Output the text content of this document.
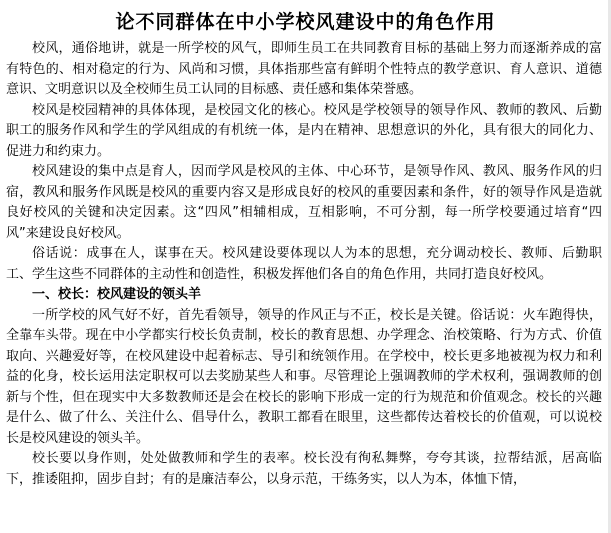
论不同群体在中小学校风建设中的角色作用

校风，通俗地讲，就是一所学校的风气，即师生员工在共同教育目标的基础上努力而逐渐养成的富有特色的、相对稳定的行为、风尚和习惯，具体指那些富有鲜明个性特点的教学意识、育人意识、道德意识、文明意识以及全校师生员工认同的目标感、责任感和集体荣誉感。

校风是校园精神的具体体现，是校园文化的核心。校风是学校领导的领导作风、教师的教风、后勤职工的服务作风和学生的学风组成的有机统一体，是内在精神、思想意识的外化，具有很大的同化力、促进力和约束力。

校风建设的集中点是育人，因而学风是校风的主体、中心环节，是领导作风、教风、服务作风的归宿，教风和服务作风既是校风的重要内容又是形成良好的校风的重要因素和条件，好的领导作风是造就良好校风的关键和决定因素。这“四风”相辅相成，互相影响，不可分割，每一所学校要通过培育“四风”来建设良好校风。

俗话说：成事在人，谋事在天。校风建设要体现以人为本的思想，充分调动校长、教师、后勤职工、学生这些不同群体的主动性和创造性，积极发挥他们各自的角色作用，共同打造良好校风。

一、校长：校风建设的领头羊

一所学校的风气好不好，首先看领导，领导的作风正与不正，校长是关键。俗话说：火车跑得快，全靠车头带。现在中小学都实行校长负责制，校长的教育思想、办学理念、治校策略、行为方式、价值取向、兴趣爱好等，在校风建设中起着标志、导引和统领作用。在学校中，校长更多地被视为权力和利益的化身，校长运用法定职权可以去奖励某些人和事。尽管理论上强调教师的学术权利，强调教师的创新与个性，但在现实中大多数教师还是会在校长的影响下形成一定的行为规范和价值观念。校长的兴趣是什么、做了什么、关注什么、倡导什么，教职工都看在眼里，这些都传达着校长的价值观，可以说校长是校风建设的领头羊。

校长要以身作则，处处做教师和学生的表率。校长没有徇私舞弊，夸夸其谈，拉帮结派，居高临下，推诿阻抑，固步自封；有的是廉洁奉公，以身示范，干练务实，以人为本，体恤下情，
